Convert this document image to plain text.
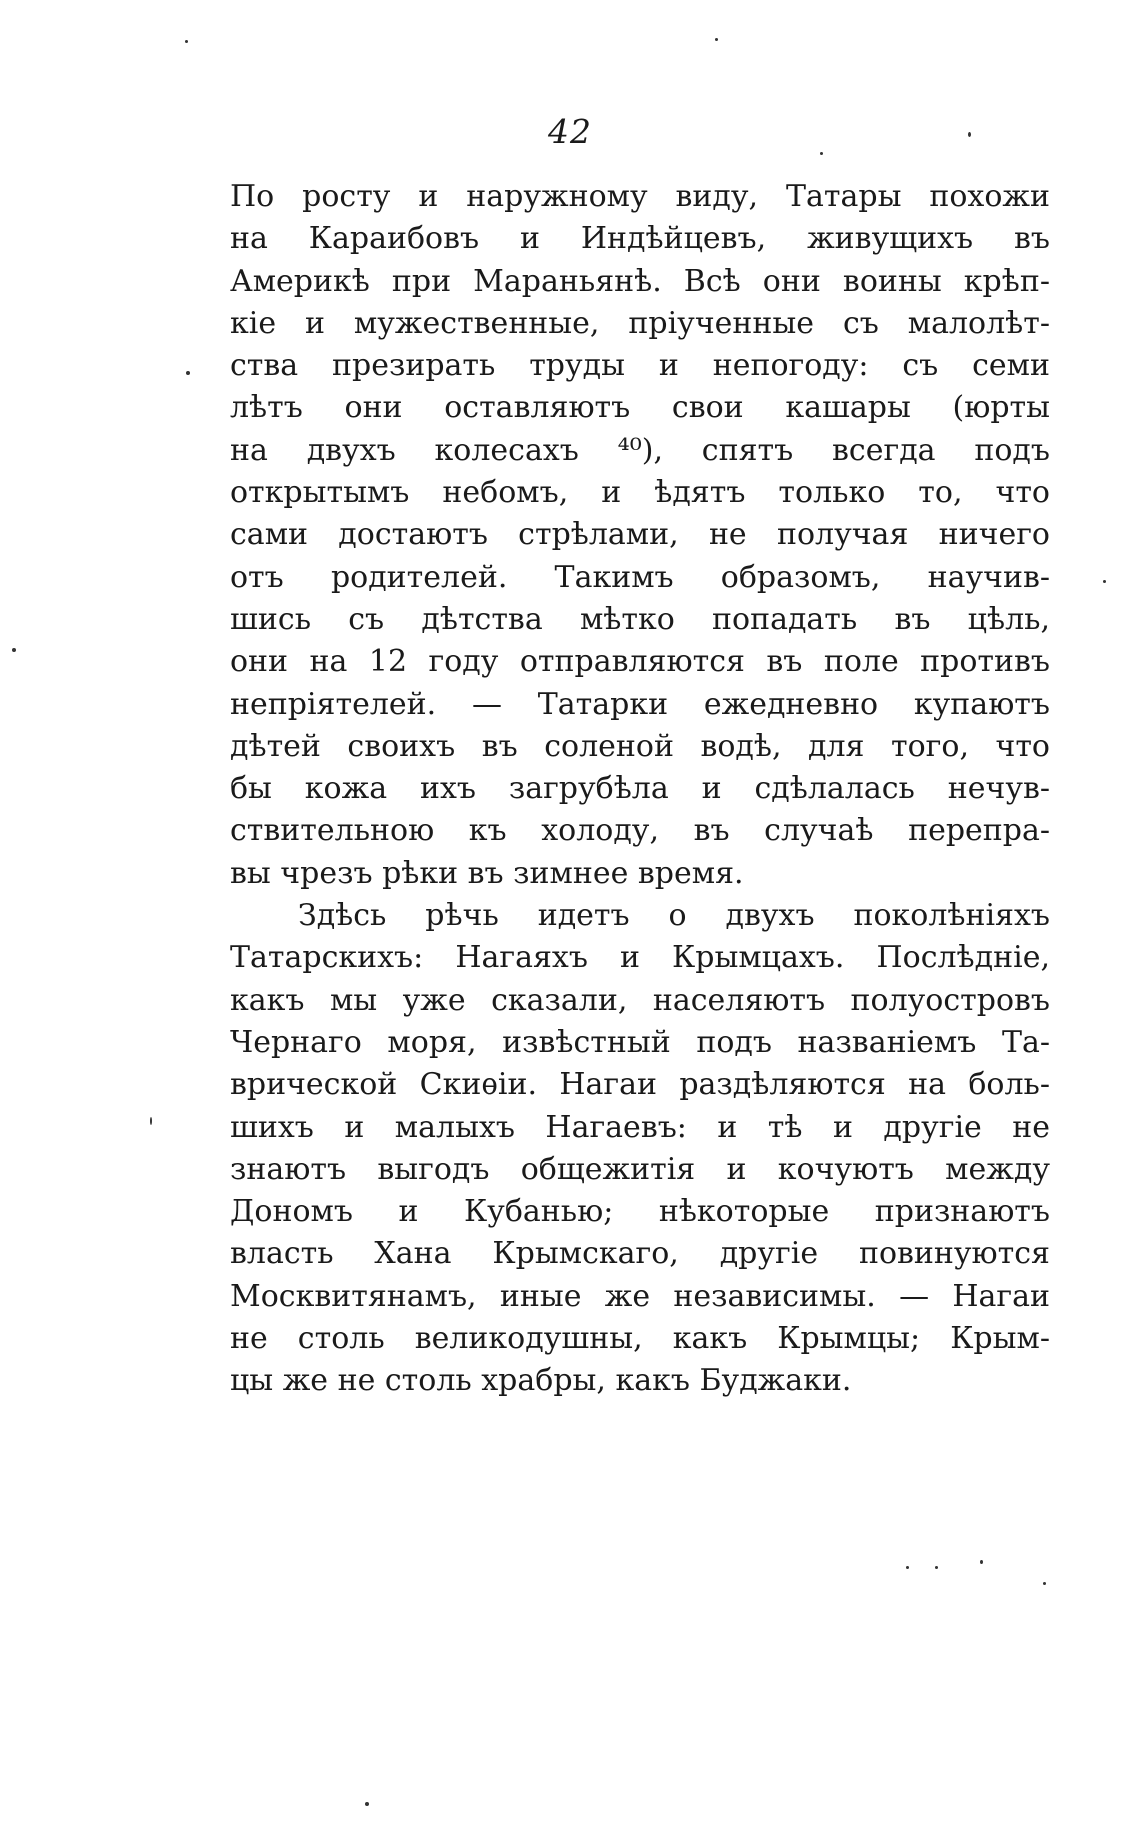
42
По росту и наружному виду, Татары похожи
на Караибовъ и Индѣйцевъ, живущихъ въ
Америкѣ при Мараньянѣ. Всѣ они воины крѣп-
кіе и мужественные, пріученные съ малолѣт-
ства презирать труды и непогоду: съ семи
лѣтъ они оставляютъ свои кашары (юрты
на двухъ колесахъ ⁴⁰), спятъ всегда подъ
открытымъ небомъ, и ѣдятъ только то, что
сами достаютъ стрѣлами, не получая ничего
отъ родителей. Такимъ образомъ, научив-
шись съ дѣтства мѣтко попадать въ цѣль,
они на 12 году отправляются въ поле противъ
непріятелей. — Татарки ежедневно купаютъ
дѣтей своихъ въ соленой водѣ, для того, что
бы кожа ихъ загрубѣла и сдѣлалась нечув-
ствительною къ холоду, въ случаѣ перепра-
вы чрезъ рѣки въ зимнее время.
Здѣсь рѣчь идетъ о двухъ поколѣніяхъ
Татарскихъ: Нагаяхъ и Крымцахъ. Послѣдніе,
какъ мы уже сказали, населяютъ полуостровъ
Чернаго моря, извѣстный подъ названіемъ Та-
врической Скиѳіи. Нагаи раздѣляются на боль-
шихъ и малыхъ Нагаевъ: и тѣ и другіе не
знаютъ выгодъ общежитія и кочуютъ между
Дономъ и Кубанью; нѣкоторые признаютъ
власть Хана Крымскаго, другіе повинуются
Москвитянамъ, иные же независимы. — Нагаи
не столь великодушны, какъ Крымцы; Крым-
цы же не столь храбры, какъ Буджаки.
